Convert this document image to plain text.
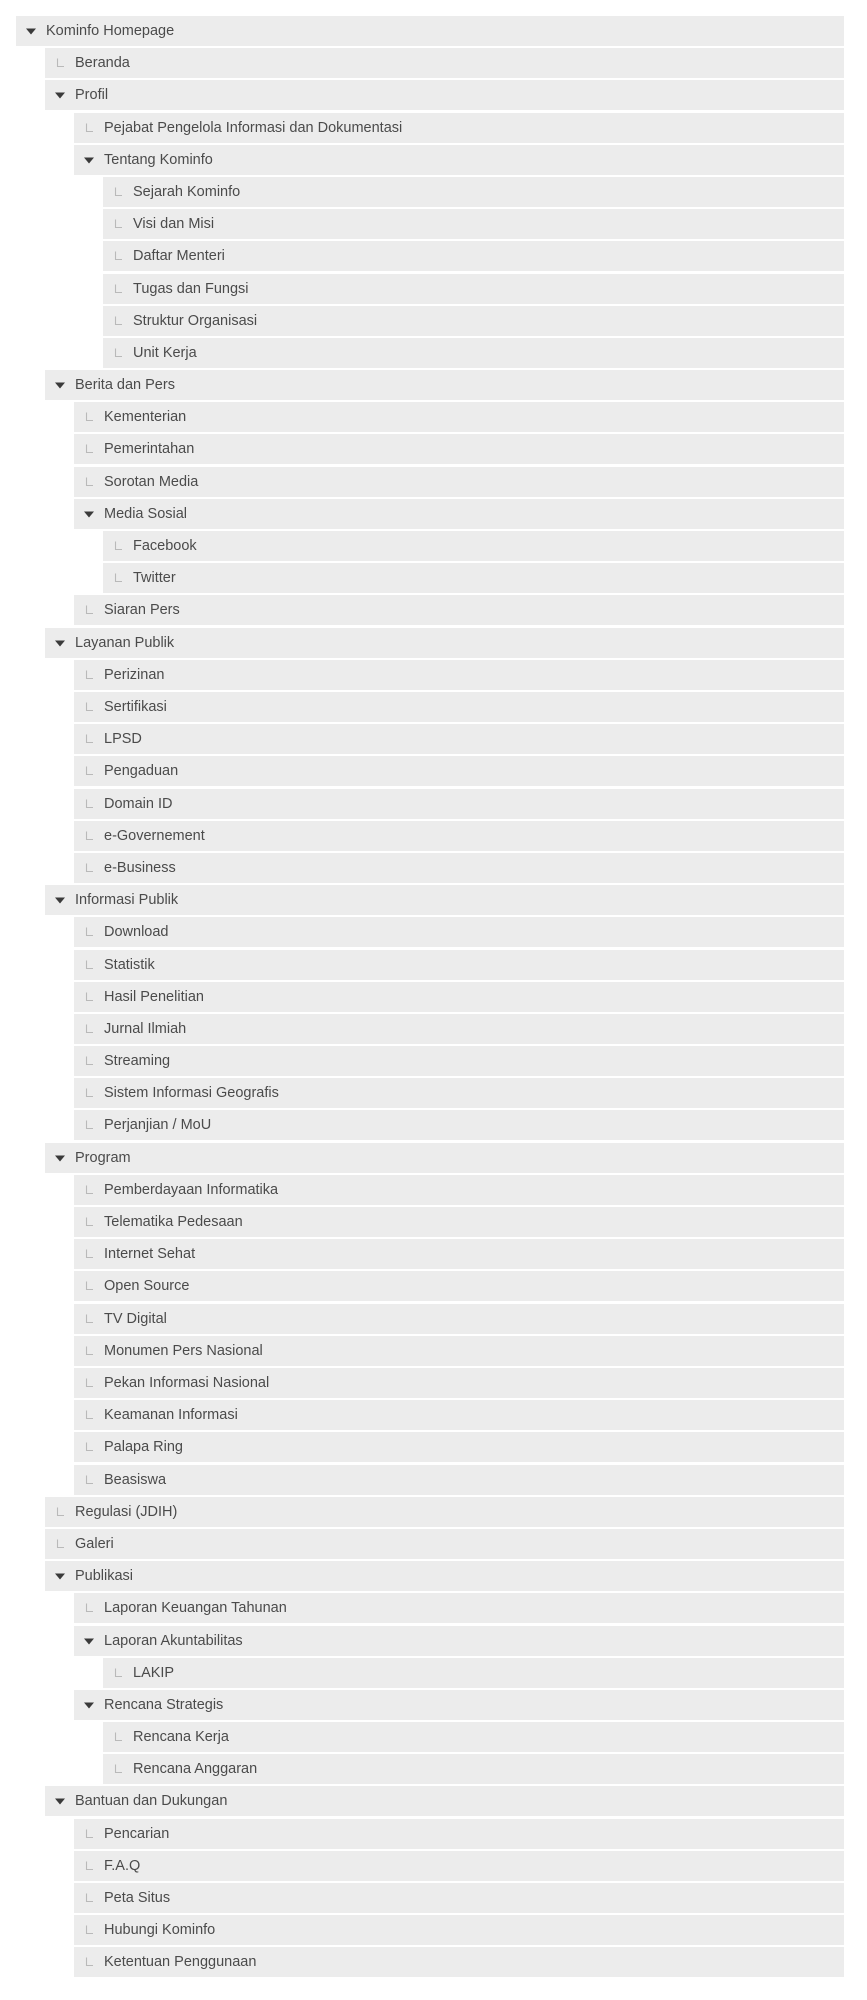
Kominfo Homepage
Beranda
Profil
Pejabat Pengelola Informasi dan Dokumentasi
Tentang Kominfo
Sejarah Kominfo
Visi dan Misi
Daftar Menteri
Tugas dan Fungsi
Struktur Organisasi
Unit Kerja
Berita dan Pers
Kementerian
Pemerintahan
Sorotan Media
Media Sosial
Facebook
Twitter
Siaran Pers
Layanan Publik
Perizinan
Sertifikasi
LPSD
Pengaduan
Domain ID
e-Governement
e-Business
Informasi Publik
Download
Statistik
Hasil Penelitian
Jurnal Ilmiah
Streaming
Sistem Informasi Geografis
Perjanjian / MoU
Program
Pemberdayaan Informatika
Telematika Pedesaan
Internet Sehat
Open Source
TV Digital
Monumen Pers Nasional
Pekan Informasi Nasional
Keamanan Informasi
Palapa Ring
Beasiswa
Regulasi (JDIH)
Galeri
Publikasi
Laporan Keuangan Tahunan
Laporan Akuntabilitas
LAKIP
Rencana Strategis
Rencana Kerja
Rencana Anggaran
Bantuan dan Dukungan
Pencarian
F.A.Q
Peta Situs
Hubungi Kominfo
Ketentuan Penggunaan
